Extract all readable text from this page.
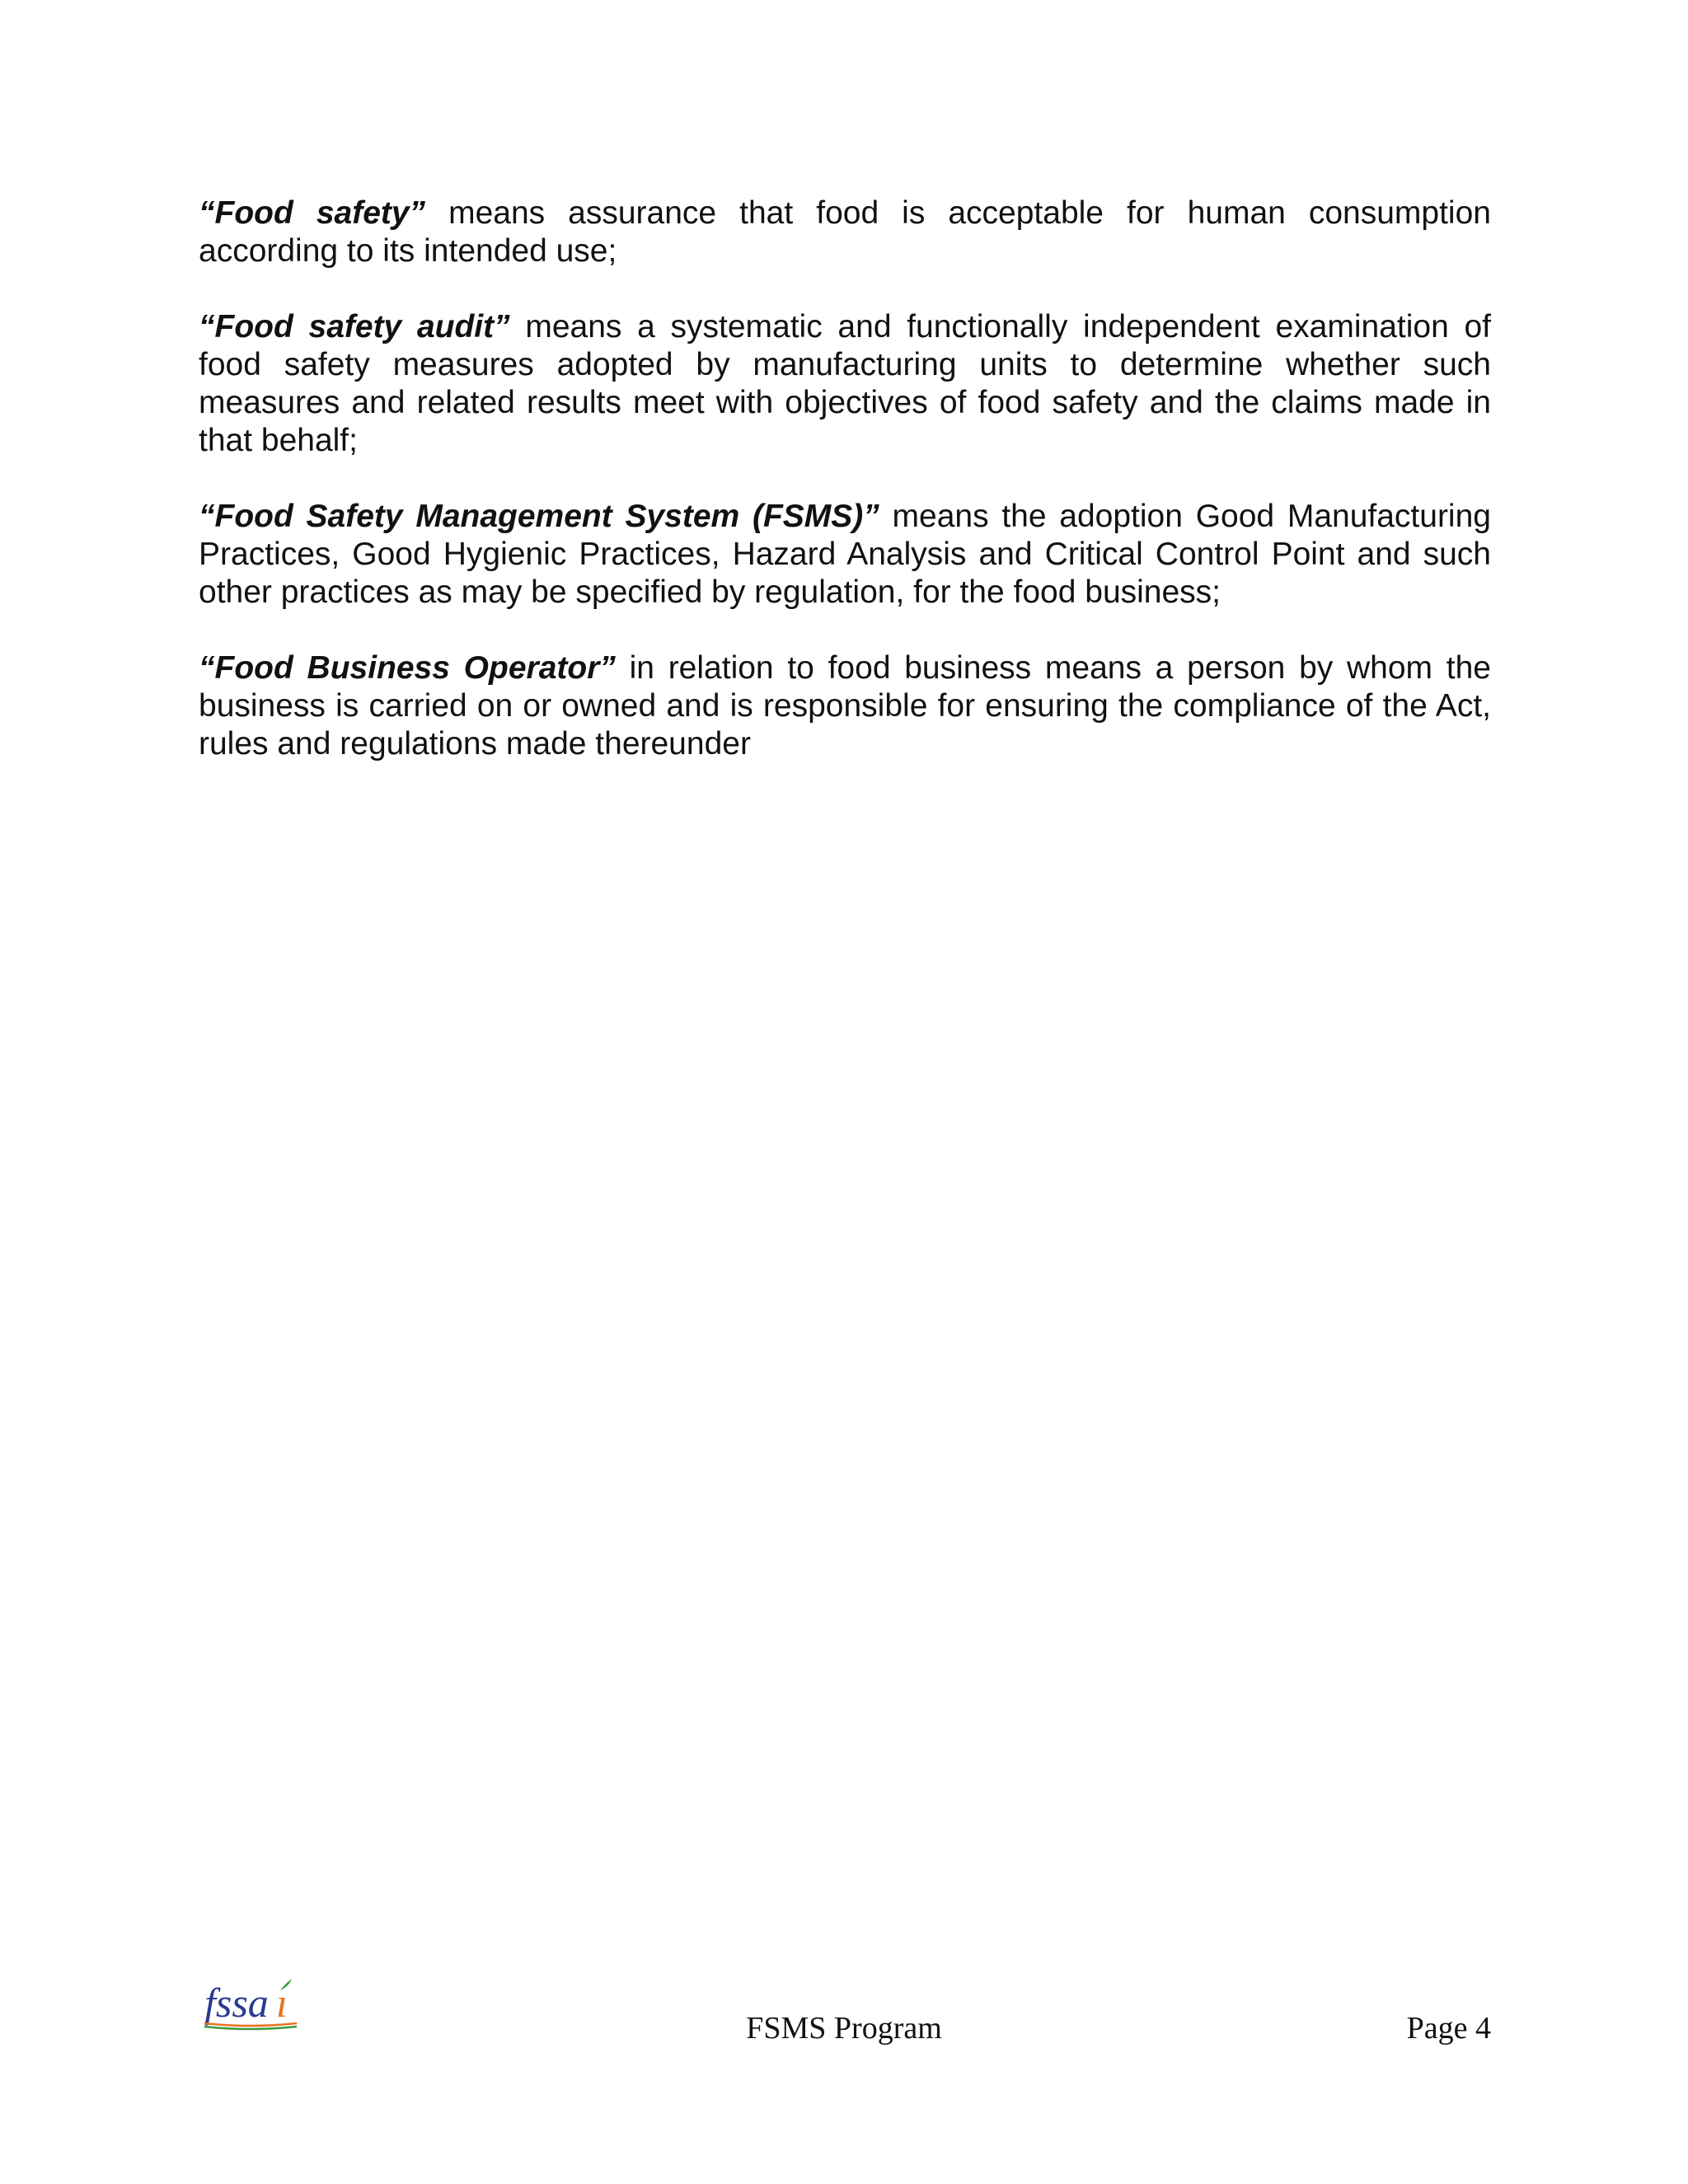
“Food safety” means assurance that food is acceptable for human consumption according to its intended use;

“Food safety audit” means a systematic and functionally independent examination of food safety measures adopted by manufacturing units to determine whether such measures and related results meet with objectives of food safety and the claims made in that behalf;

“Food Safety Management System (FSMS)” means the adoption Good Manufacturing Practices, Good Hygienic Practices, Hazard Analysis and Critical Control Point and such other practices as may be specified by regulation, for the food business;

“Food Business Operator” in relation to food business means a person by whom the business is carried on or owned and is responsible for ensuring the compliance of the Act, rules and regulations made thereunder

fssa ı
FSMS Program	Page 4
